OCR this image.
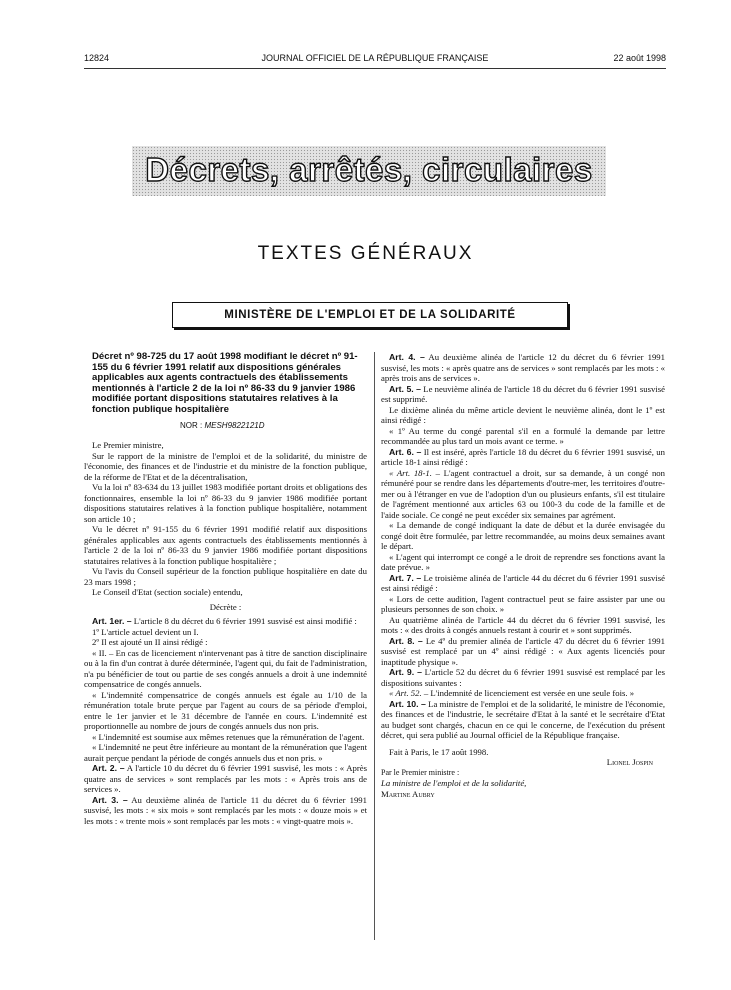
12824	JOURNAL OFFICIEL DE LA RÉPUBLIQUE FRANÇAISE	22 août 1998
Décrets, arrêtés, circulaires
TEXTES GÉNÉRAUX
MINISTÈRE DE L'EMPLOI ET DE LA SOLIDARITÉ
Décret nº 98-725 du 17 août 1998 modifiant le décret nº 91-155 du 6 février 1991 relatif aux dispositions générales applicables aux agents contractuels des établissements mentionnés à l'article 2 de la loi nº 86-33 du 9 janvier 1986 modifiée portant dispositions statutaires relatives à la fonction publique hospitalière
NOR : MESH9822121D

Le Premier ministre,

Sur le rapport de la ministre de l'emploi et de la solidarité, du ministre de l'économie, des finances et de l'industrie et du ministre de la fonction publique, de la réforme de l'Etat et de la décentralisation,

Vu la loi nº 83-634 du 13 juillet 1983 modifiée portant droits et obligations des fonctionnaires, ensemble la loi nº 86-33 du 9 janvier 1986 modifiée portant dispositions statutaires relatives à la fonction publique hospitalière, notamment son article 10 ;

Vu le décret nº 91-155 du 6 février 1991 modifié relatif aux dispositions générales applicables aux agents contractuels des établissements mentionnés à l'article 2 de la loi nº 86-33 du 9 janvier 1986 modifiée portant dispositions statutaires relatives à la fonction publique hospitalière ;

Vu l'avis du Conseil supérieur de la fonction publique hospitalière en date du 23 mars 1998 ;

Le Conseil d'Etat (section sociale) entendu,

Décrète :

Art. 1er. – L'article 8 du décret du 6 février 1991 susvisé est ainsi modifié :

1º L'article actuel devient un I.

2º Il est ajouté un II ainsi rédigé :

« II. – En cas de licenciement n'intervenant pas à titre de sanction disciplinaire ou à la fin d'un contrat à durée déterminée, l'agent qui, du fait de l'administration, n'a pu bénéficier de tout ou partie de ses congés annuels a droit à une indemnité compensatrice de congés annuels.

« L'indemnité compensatrice de congés annuels est égale au 1/10 de la rémunération totale brute perçue par l'agent au cours de sa période d'emploi, entre le 1er janvier et le 31 décembre de l'année en cours. L'indemnité est proportionnelle au nombre de jours de congés annuels dus non pris.

« L'indemnité est soumise aux mêmes retenues que la rémunération de l'agent.

« L'indemnité ne peut être inférieure au montant de la rémunération que l'agent aurait perçue pendant la période de congés annuels dus et non pris. »

Art. 2. – A l'article 10 du décret du 6 février 1991 susvisé, les mots : « Après quatre ans de services » sont remplacés par les mots : « Après trois ans de services ».

Art. 3. – Au deuxième alinéa de l'article 11 du décret du 6 février 1991 susvisé, les mots : « six mois » sont remplacés par les mots : « douze mois » et les mots : « trente mois » sont remplacés par les mots : « vingt-quatre mois ».

Art. 4. – Au deuxième alinéa de l'article 12 du décret du 6 février 1991 susvisé, les mots : « après quatre ans de services » sont remplacés par les mots : « après trois ans de services ».

Art. 5. – Le neuvième alinéa de l'article 18 du décret du 6 février 1991 susvisé est supprimé.

Le dixième alinéa du même article devient le neuvième alinéa, dont le 1º est ainsi rédigé :

« 1º Au terme du congé parental s'il en a formulé la demande par lettre recommandée au plus tard un mois avant ce terme. »

Art. 6. – Il est inséré, après l'article 18 du décret du 6 février 1991 susvisé, un article 18-1 ainsi rédigé :

« Art. 18-1. – L'agent contractuel a droit, sur sa demande, à un congé non rémunéré pour se rendre dans les départements d'outre-mer, les territoires d'outre-mer ou à l'étranger en vue de l'adoption d'un ou plusieurs enfants, s'il est titulaire de l'agrément mentionné aux articles 63 ou 100-3 du code de la famille et de l'aide sociale. Ce congé ne peut excéder six semaines par agrément.

« La demande de congé indiquant la date de début et la durée envisagée du congé doit être formulée, par lettre recommandée, au moins deux semaines avant le départ.

« L'agent qui interrompt ce congé a le droit de reprendre ses fonctions avant la date prévue. »

Art. 7. – Le troisième alinéa de l'article 44 du décret du 6 février 1991 susvisé est ainsi rédigé :

« Lors de cette audition, l'agent contractuel peut se faire assister par une ou plusieurs personnes de son choix. »

Au quatrième alinéa de l'article 44 du décret du 6 février 1991 susvisé, les mots : « des droits à congés annuels restant à courir et » sont supprimés.

Art. 8. – Le 4º du premier alinéa de l'article 47 du décret du 6 février 1991 susvisé est remplacé par un 4º ainsi rédigé : « Aux agents licenciés pour inaptitude physique ».

Art. 9. – L'article 52 du décret du 6 février 1991 susvisé est remplacé par les dispositions suivantes :

« Art. 52. – L'indemnité de licenciement est versée en une seule fois. »

Art. 10. – La ministre de l'emploi et de la solidarité, le ministre de l'économie, des finances et de l'industrie, le secrétaire d'Etat à la santé et le secrétaire d'Etat au budget sont chargés, chacun en ce qui le concerne, de l'exécution du présent décret, qui sera publié au Journal officiel de la République française.

Fait à Paris, le 17 août 1998.

Lionel Jospin

Par le Premier ministre :

La ministre de l'emploi et de la solidarité,

Martine Aubry
